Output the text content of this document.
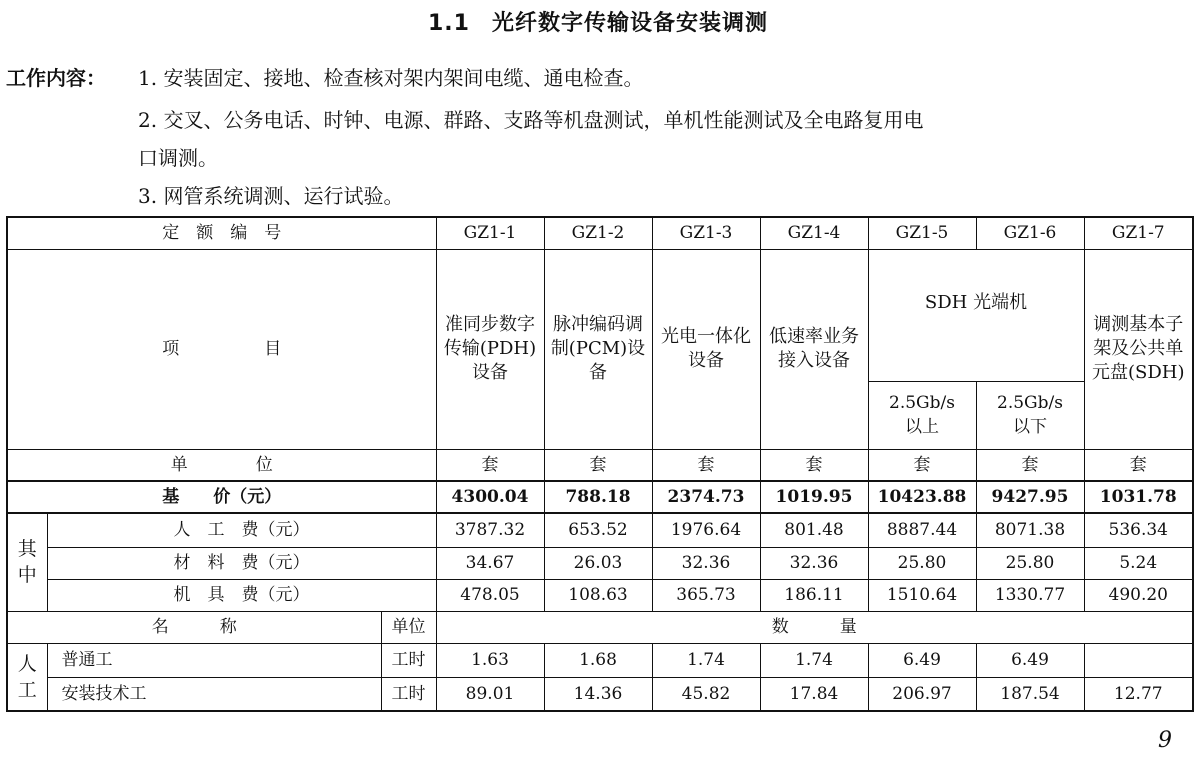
1.1 光纤数字传输设备安装调测
工作内容： 1. 安装固定、接地、检查核对架内架间电缆、通电检查。
2. 交叉、公务电话、时钟、电源、群路、支路等机盘测试，单机性能测试及全电路复用电
口调测。
3. 网管系统调测、运行试验。
定　额　编　号			GZ1-1	GZ1-2	GZ1-3	GZ1-4	GZ1-5	GZ1-6	GZ1-7
项　　　　　目			准同步数字传输(PDH)设备	脉冲编码调制(PCM)设备	光电一体化设备	低速率业务接入设备	SDH 光端机		调测基本子架及公共单元盘(SDH)
							2.5Gb/s以上	2.5Gb/s以下	
单　　　　位			套	套	套	套	套	套	套
基　　价（元）			4300.04	788.18	2374.73	1019.95	10423.88	9427.95	1031.78
其中	人　工　费（元）		3787.32	653.52	1976.64	801.48	8887.44	8071.38	536.34
	材　料　费（元）		34.67	26.03	32.36	32.36	25.80	25.80	5.24
	机　具　费（元）		478.05	108.63	365.73	186.11	1510.64	1330.77	490.20
名　　　称		单位	数　　　量						
人工	普通工	工时	1.63	1.68	1.74	1.74	6.49	6.49	
	安装技术工	工时	89.01	14.36	45.82	17.84	206.97	187.54	12.77
9
